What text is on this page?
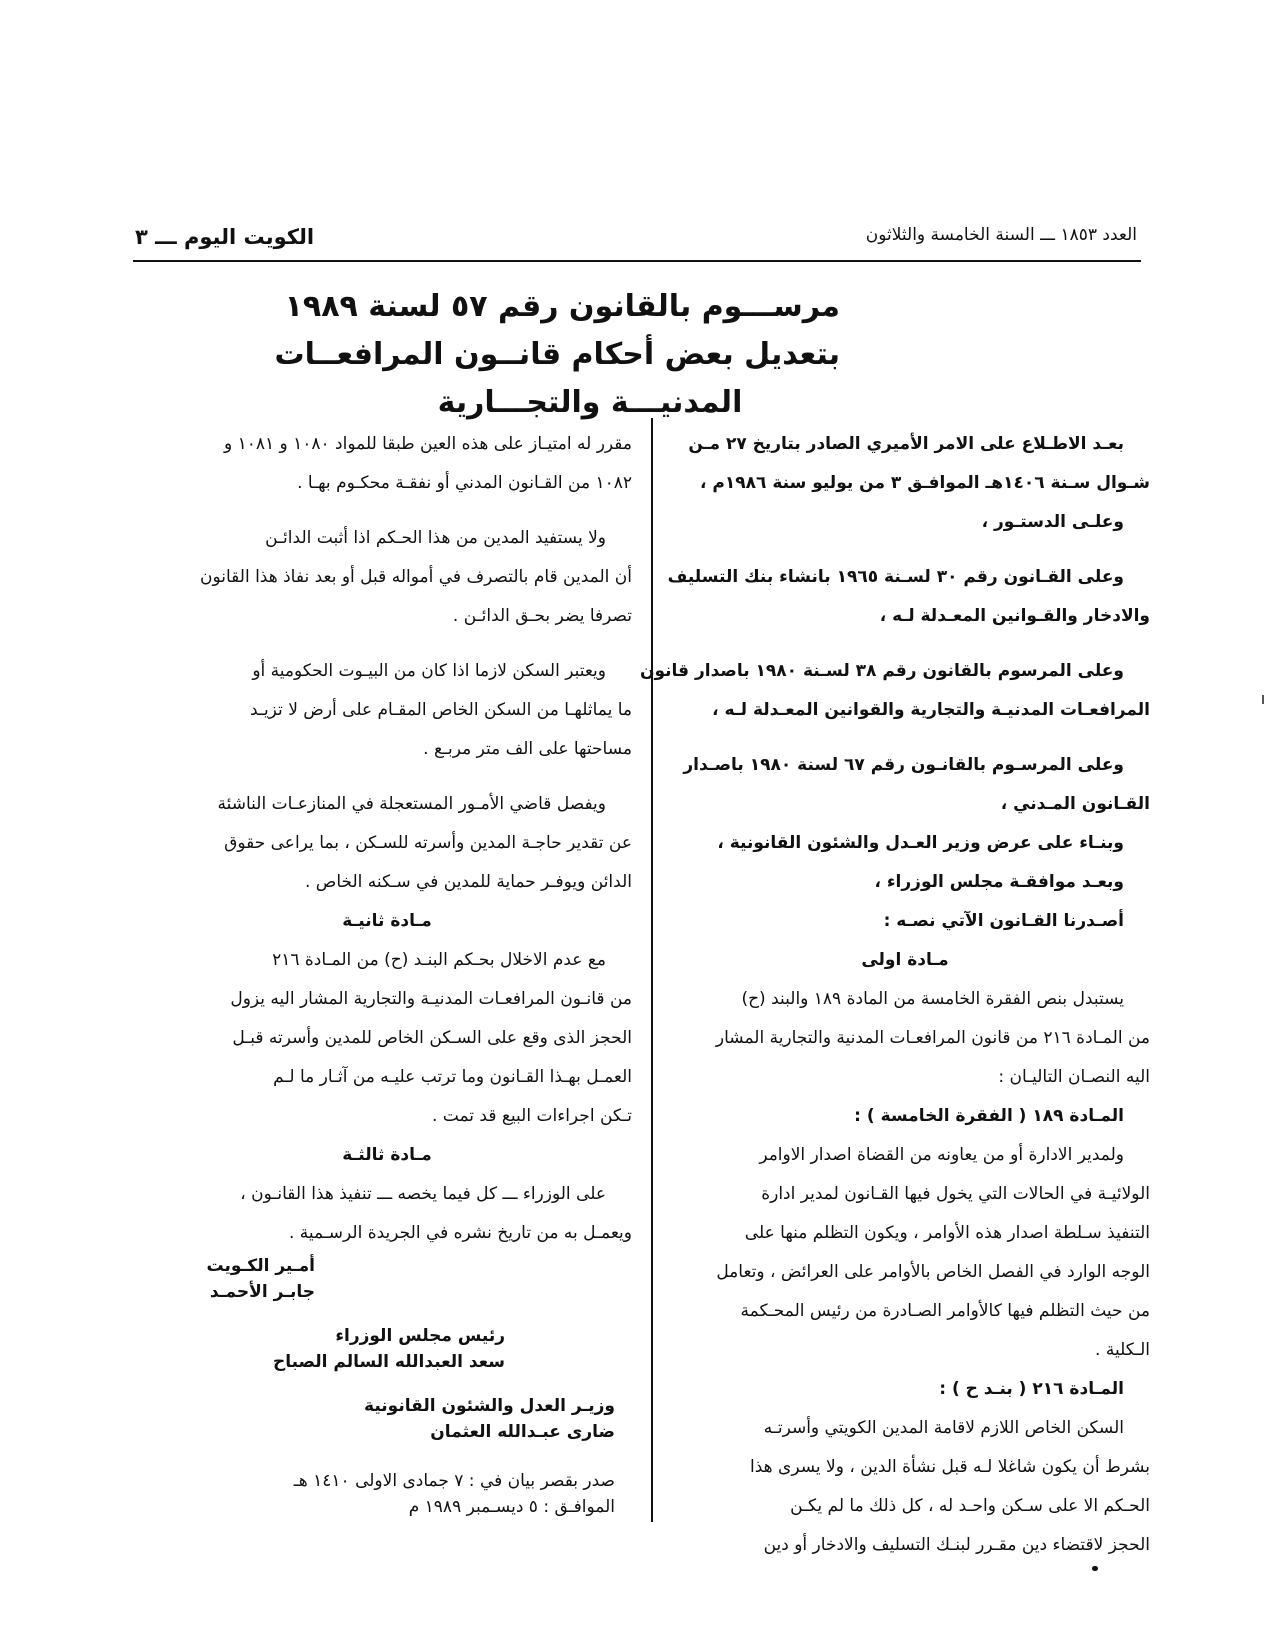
العدد ١٨٥٣ ـــ السنة الخامسة والثلاثون
الكويت اليوم ـــ ٣
مرســـوم بالقانون رقم ٥٧ لسنة ١٩٨٩
بتعديل بعض أحكام قانــون المرافعــات
المدنيـــة والتجـــارية

بعـد الاطـلاع على الامر الأميري الصادر بتاريخ ٢٧ مـن

شـوال سـنة ١٤٠٦هـ الموافـق ٣ من يوليو سنة ١٩٨٦م ،

وعلـى الدستـور ،

وعلى القـانون رقم ٣٠ لسـنة ١٩٦٥ بانشاء بنك التسليف

والادخار والقـوانين المعـدلة لـه ،

وعلى المرسوم بالقانون رقم ٣٨ لسـنة ١٩٨٠ باصدار قانون

المرافعـات المدنيـة والتجارية والقوانين المعـدلة لـه ،

وعلى المرسـوم بالقانـون رقم ٦٧ لسنة ١٩٨٠ باصـدار

القـانون المـدني ،

وبنـاء على عرض وزير العـدل والشئون القانونية ،

وبعـد موافقـة مجلس الوزراء ،

أصـدرنا القـانون الآتي نصـه :

مـادة اولى

يستبدل بنص الفقرة الخامسة من المادة ١٨٩ والبند (ح)

من المـادة ٢١٦ من قانون المرافعـات المدنية والتجارية المشار

اليه النصـان التاليـان :

المـادة ١٨٩ ( الفقرة الخامسة ) :

ولمدير الادارة أو من يعاونه من القضاة اصدار الاوامر

الولائيـة في الحالات التي يخول فيها القـانون لمدير ادارة

التنفيذ سـلطة اصدار هذه الأوامر ، ويكون التظلم منها على

الوجه الوارد في الفصل الخاص بالأوامر على العرائض ، وتعامل

من حيث التظلم فيها كالأوامر الصـادرة من رئيس المحـكمة

الـكلية .

المـادة ٢١٦ ( بنـد ح ) :

السكن الخاص اللازم لاقامة المدين الكويتي وأسرتـه

بشرط أن يكون شاغلا لـه قبل نشأة الدين ، ولا يسرى هذا

الحـكم الا على سـكن واحـد له ، كل ذلك ما لم يكـن

الحجز لاقتضاء دين مقـرر لبنـك التسليف والادخار أو دين

مقرر له امتيـاز على هذه العين طبقا للمواد ١٠٨٠ و ١٠٨١ و

١٠٨٢ من القـانون المدني أو نفقـة محكـوم بهـا .

ولا يستفيد المدين من هذا الحـكم اذا أثبت الدائـن

أن المدين قام بالتصرف في أمواله قبل أو بعد نفاذ هذا القانون

تصرفا يضر بحـق الدائـن .

ويعتبر السكن لازما اذا كان من البيـوت الحكومية أو

ما يماثلهـا من السكن الخاص المقـام على أرض لا تزيـد

مساحتها على الف متر مربـع .

ويفصل قاضي الأمـور المستعجلة في المنازعـات الناشئة

عن تقدير حاجـة المدين وأسرته للسـكن ، بما يراعى حقوق

الدائن ويوفـر حماية للمدين في سـكنه الخاص .

مـادة ثانيـة

مع عدم الاخلال بحـكم البنـد (ح) من المـادة ٢١٦

من قانـون المرافعـات المدنيـة والتجارية المشار اليه يزول

الحجز الذى وقع على السـكن الخاص للمدين وأسرته قبـل

العمـل بهـذا القـانون وما ترتب عليـه من آثـار ما لـم

تـكن اجراءات البيع قد تمت .

مـادة ثالثـة

على الوزراء ـــ كل فيما يخصه ـــ تنفيذ هذا القانـون ،

ويعمـل به من تاريخ نشره في الجريدة الرسـمية .

أمـير الكـويت
جابـر الأحمـد
رئيس مجلس الوزراء
سعد العبدالله السالم الصباح
وزيـر العدل والشئون القانونية
ضارى عبـدالله العثمان
صدر بقصر بيان في : ٧ جمادى الاولى ١٤١٠ هـ
الموافـق : ٥ ديسـمبر ١٩٨٩ م
